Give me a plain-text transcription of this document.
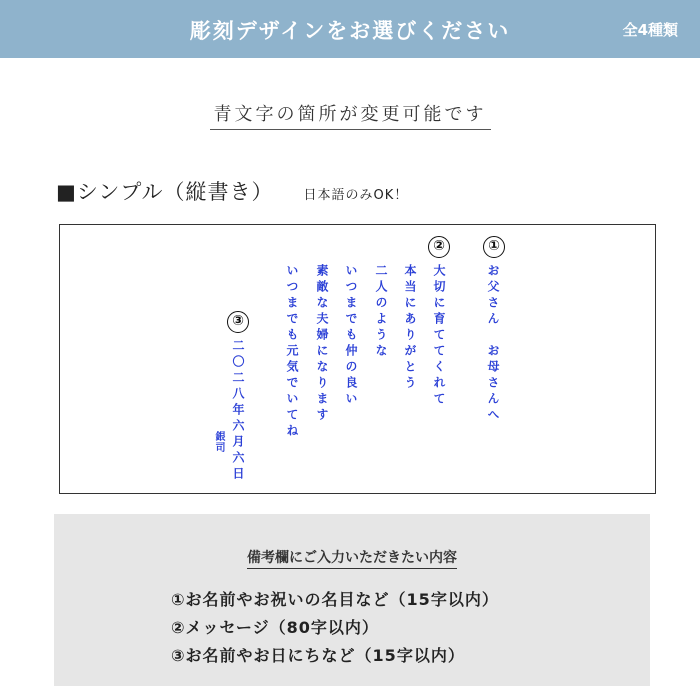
彫刻デザインをお選びください	全4種類
青文字の箇所が変更可能です
■シンプル（縦書き） 日本語のみOK！
①
②
③	お父さん　お母さんへ
大切に育ててくれて
本当にありがとう
二人のような
いつまでも仲の良い
素敵な夫婦になります
いつまでも元気でいてね
二〇二八年六月六日
銀司
備考欄にご入力いただきたい内容
①お名前やお祝いの名目など（15字以内）
②メッセージ（80字以内）
③お名前やお日にちなど（15字以内）
